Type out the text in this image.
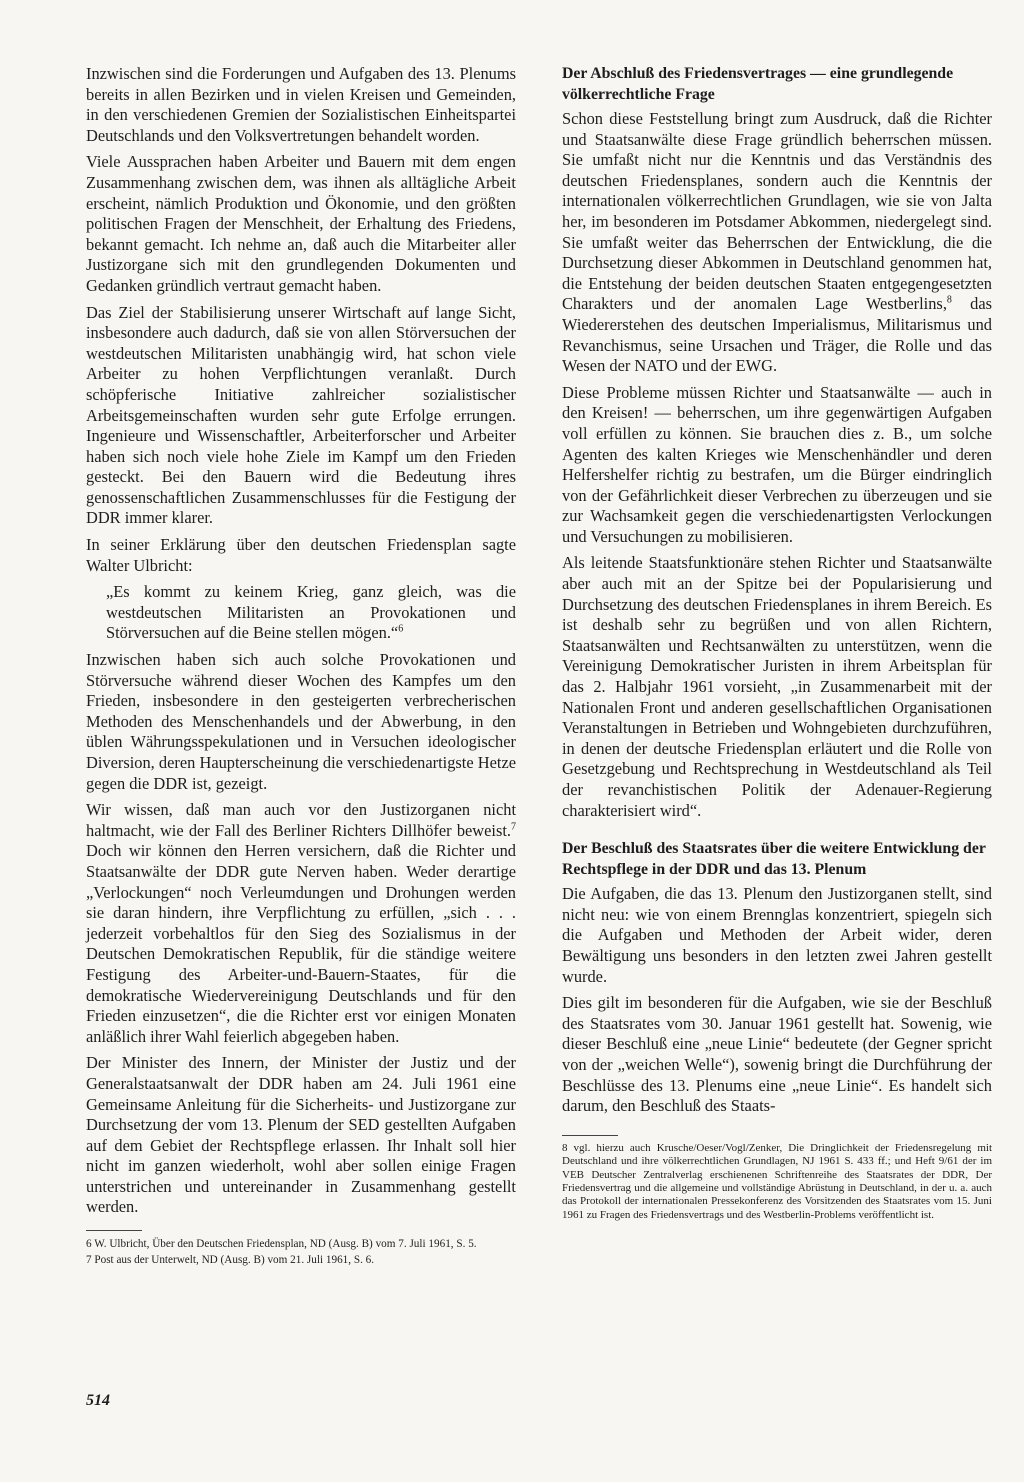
Inzwischen sind die Forderungen und Aufgaben des 13. Plenums bereits in allen Bezirken und in vielen Kreisen und Gemeinden, in den verschiedenen Gremien der Sozialistischen Einheitspartei Deutschlands und den Volksvertretungen behandelt worden.

Viele Aussprachen haben Arbeiter und Bauern mit dem engen Zusammenhang zwischen dem, was ihnen als alltägliche Arbeit erscheint, nämlich Produktion und Ökonomie, und den größten politischen Fragen der Menschheit, der Erhaltung des Friedens, bekannt gemacht. Ich nehme an, daß auch die Mitarbeiter aller Justizorgane sich mit den grundlegenden Dokumenten und Gedanken gründlich vertraut gemacht haben.

Das Ziel der Stabilisierung unserer Wirtschaft auf lange Sicht, insbesondere auch dadurch, daß sie von allen Störversuchen der westdeutschen Militaristen unabhängig wird, hat schon viele Arbeiter zu hohen Verpflichtungen veranlaßt. Durch schöpferische Initiative zahlreicher sozialistischer Arbeitsgemeinschaften wurden sehr gute Erfolge errungen. Ingenieure und Wissenschaftler, Arbeiterforscher und Arbeiter haben sich noch viele hohe Ziele im Kampf um den Frieden gesteckt. Bei den Bauern wird die Bedeutung ihres genossenschaftlichen Zusammenschlusses für die Festigung der DDR immer klarer.

In seiner Erklärung über den deutschen Friedensplan sagte Walter Ulbricht:

„Es kommt zu keinem Krieg, ganz gleich, was die westdeutschen Militaristen an Provokationen und Störversuchen auf die Beine stellen mögen.“$^6$

Inzwischen haben sich auch solche Provokationen und Störversuche während dieser Wochen des Kampfes um den Frieden, insbesondere in den gesteigerten verbrecherischen Methoden des Menschenhandels und der Abwerbung, in den üblen Währungsspekulationen und in Versuchen ideologischer Diversion, deren Haupterscheinung die verschiedenartigste Hetze gegen die DDR ist, gezeigt.

Wir wissen, daß man auch vor den Justizorganen nicht haltmacht, wie der Fall des Berliner Richters Dillhöfer beweist.$^7$ Doch wir können den Herren versichern, daß die Richter und Staatsanwälte der DDR gute Nerven haben. Weder derartige „Verlockungen“ noch Verleumdungen und Drohungen werden sie daran hindern, ihre Verpflichtung zu erfüllen, „sich . . . jederzeit vorbehaltlos für den Sieg des Sozialismus in der Deutschen Demokratischen Republik, für die ständige weitere Festigung des Arbeiter-und-Bauern-Staates, für die demokratische Wiedervereinigung Deutschlands und für den Frieden einzusetzen“, die die Richter erst vor einigen Monaten anläßlich ihrer Wahl feierlich abgegeben haben.

Der Minister des Innern, der Minister der Justiz und der Generalstaatsanwalt der DDR haben am 24. Juli 1961 eine Gemeinsame Anleitung für die Sicherheits- und Justizorgane zur Durchsetzung der vom 13. Plenum der SED gestellten Aufgaben auf dem Gebiet der Rechtspflege erlassen. Ihr Inhalt soll hier nicht im ganzen wiederholt, wohl aber sollen einige Fragen unterstrichen und untereinander in Zusammenhang gestellt werden.

6 W. Ulbricht, Über den Deutschen Friedensplan, ND (Ausg. B) vom 7. Juli 1961, S. 5.

7 Post aus der Unterwelt, ND (Ausg. B) vom 21. Juli 1961, S. 6.

Der Abschluß des Friedensvertrages — eine grundlegende völkerrechtliche Frage

Schon diese Feststellung bringt zum Ausdruck, daß die Richter und Staatsanwälte diese Frage gründlich beherrschen müssen. Sie umfaßt nicht nur die Kenntnis und das Verständnis des deutschen Friedensplanes, sondern auch die Kenntnis der internationalen völkerrechtlichen Grundlagen, wie sie von Jalta her, im besonderen im Potsdamer Abkommen, niedergelegt sind. Sie umfaßt weiter das Beherrschen der Entwicklung, die die Durchsetzung dieser Abkommen in Deutschland genommen hat, die Entstehung der beiden deutschen Staaten entgegengesetzten Charakters und der anomalen Lage Westberlins,$^8$ das Wiedererstehen des deutschen Imperialismus, Militarismus und Revanchismus, seine Ursachen und Träger, die Rolle und das Wesen der NATO und der EWG.

Diese Probleme müssen Richter und Staatsanwälte — auch in den Kreisen! — beherrschen, um ihre gegenwärtigen Aufgaben voll erfüllen zu können. Sie brauchen dies z. B., um solche Agenten des kalten Krieges wie Menschenhändler und deren Helfershelfer richtig zu bestrafen, um die Bürger eindringlich von der Gefährlichkeit dieser Verbrechen zu überzeugen und sie zur Wachsamkeit gegen die verschiedenartigsten Verlockungen und Versuchungen zu mobilisieren.

Als leitende Staatsfunktionäre stehen Richter und Staatsanwälte aber auch mit an der Spitze bei der Popularisierung und Durchsetzung des deutschen Friedensplanes in ihrem Bereich. Es ist deshalb sehr zu begrüßen und von allen Richtern, Staatsanwälten und Rechtsanwälten zu unterstützen, wenn die Vereinigung Demokratischer Juristen in ihrem Arbeitsplan für das 2. Halbjahr 1961 vorsieht, „in Zusammenarbeit mit der Nationalen Front und anderen gesellschaftlichen Organisationen Veranstaltungen in Betrieben und Wohngebieten durchzuführen, in denen der deutsche Friedensplan erläutert und die Rolle von Gesetzgebung und Rechtsprechung in Westdeutschland als Teil der revanchistischen Politik der Adenauer-Regierung charakterisiert wird“.

Der Beschluß des Staatsrates über die weitere Entwicklung der Rechtspflege in der DDR und das 13. Plenum

Die Aufgaben, die das 13. Plenum den Justizorganen stellt, sind nicht neu: wie von einem Brennglas konzentriert, spiegeln sich die Aufgaben und Methoden der Arbeit wider, deren Bewältigung uns besonders in den letzten zwei Jahren gestellt wurde.

Dies gilt im besonderen für die Aufgaben, wie sie der Beschluß des Staatsrates vom 30. Januar 1961 gestellt hat. Sowenig, wie dieser Beschluß eine „neue Linie“ bedeutete (der Gegner spricht von der „weichen Welle“), sowenig bringt die Durchführung der Beschlüsse des 13. Plenums eine „neue Linie“. Es handelt sich darum, den Beschluß des Staats-

8 vgl. hierzu auch Krusche/Oeser/Vogl/Zenker, Die Dringlichkeit der Friedensregelung mit Deutschland und ihre völkerrechtlichen Grundlagen, NJ 1961 S. 433 ff.; und Heft 9/61 der im VEB Deutscher Zentralverlag erschienenen Schriftenreihe des Staatsrates der DDR, Der Friedensvertrag und die allgemeine und vollständige Abrüstung in Deutschland, in der u. a. auch das Protokoll der internationalen Pressekonferenz des Vorsitzenden des Staatsrates vom 15. Juni 1961 zu Fragen des Friedensvertrags und des Westberlin-Problems veröffentlicht ist.

514
